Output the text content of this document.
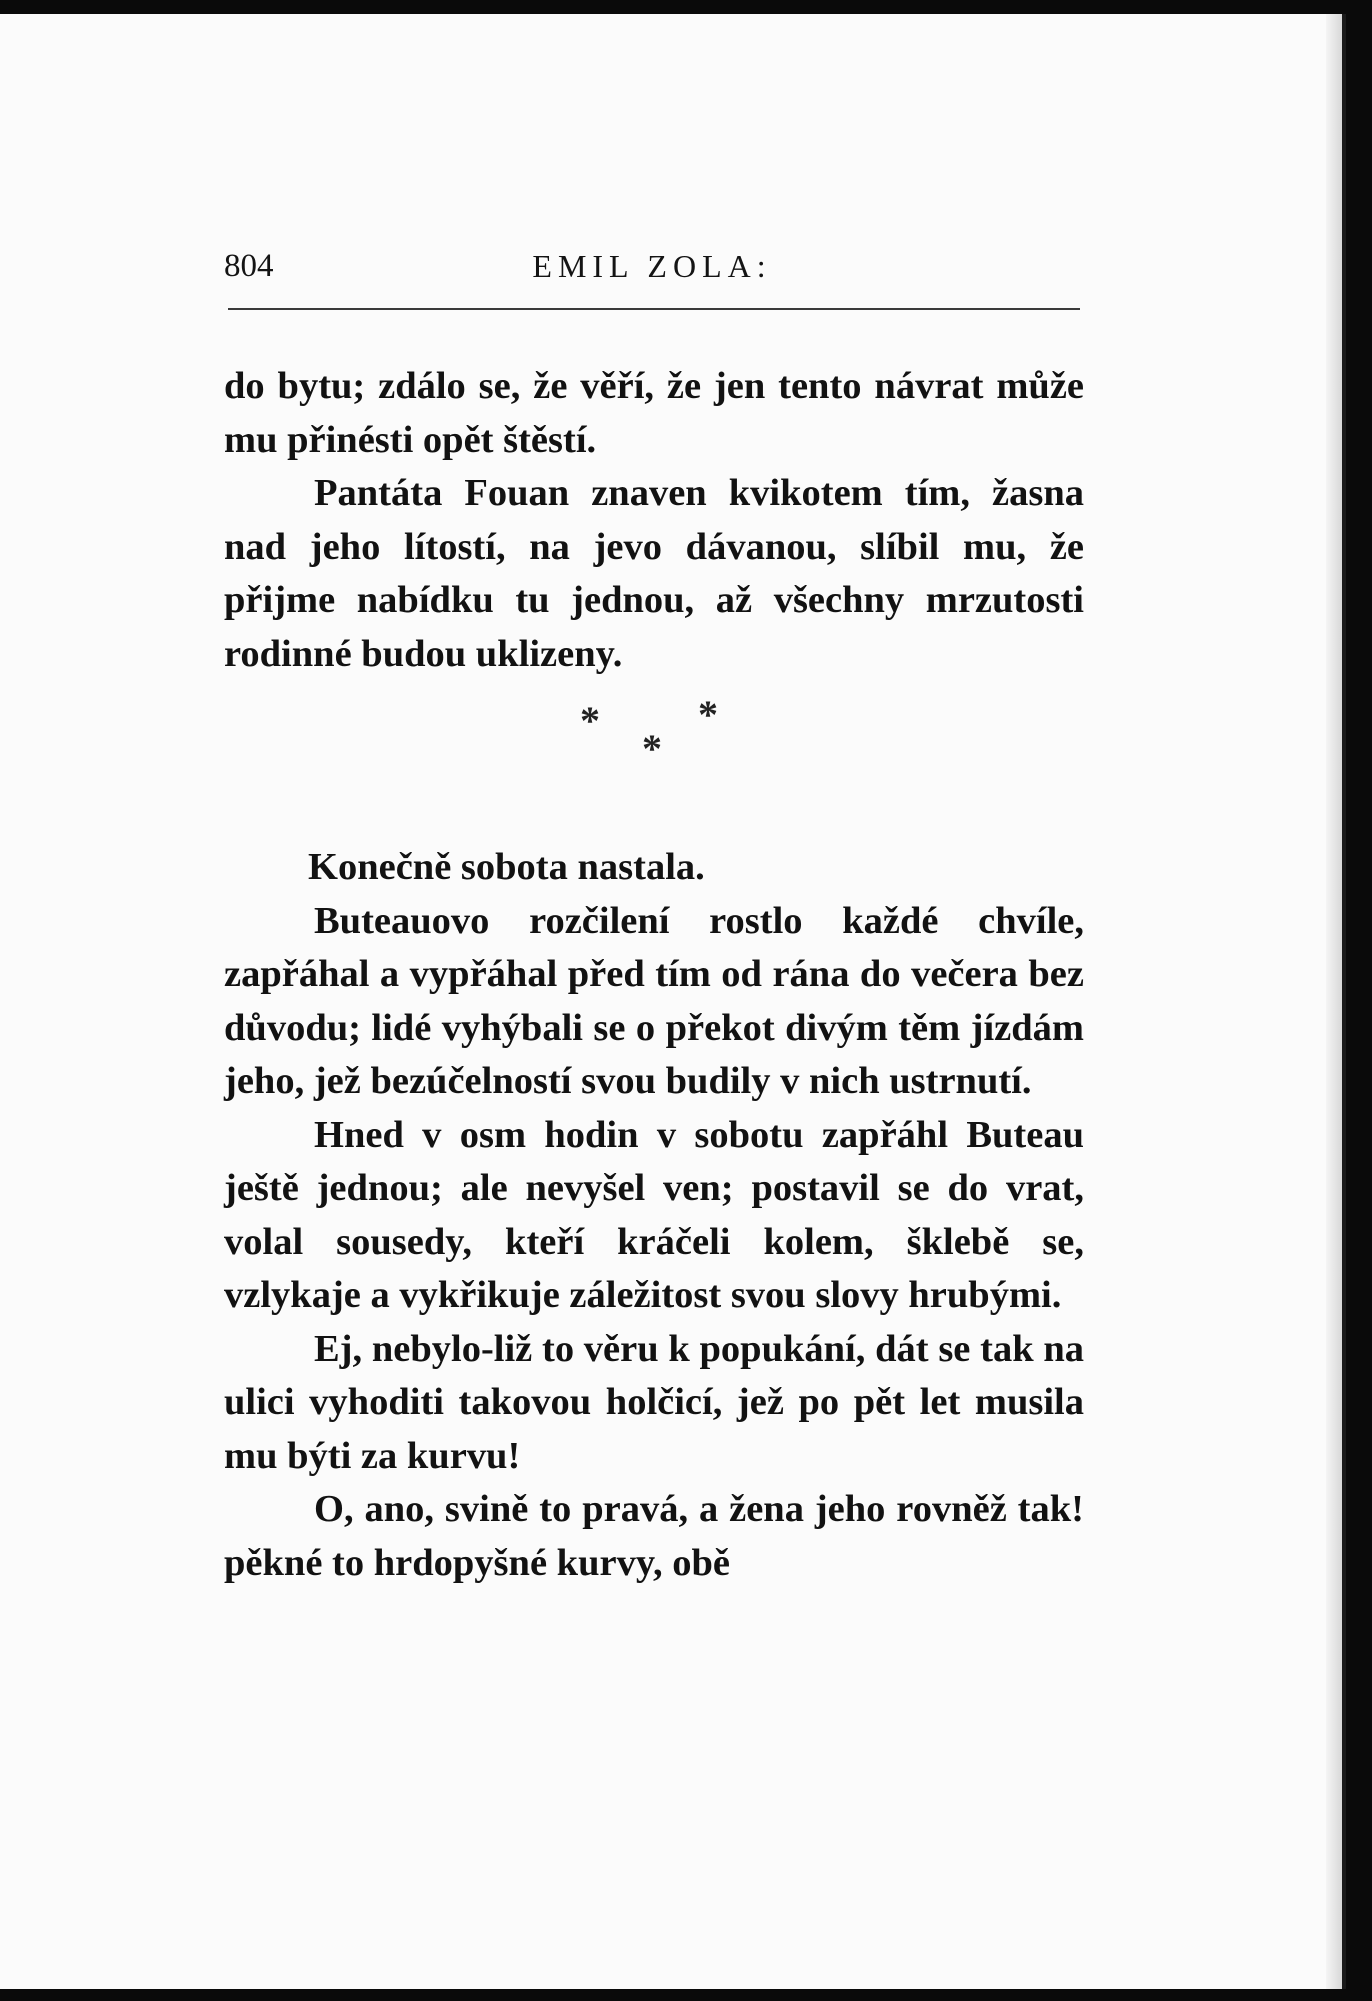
804	EMIL ZOLA:

do bytu; zdálo se, že věří, že jen tento návrat může mu přinésti opět štěstí.

Pantáta Fouan znaven kvikotem tím, žasna nad jeho lítostí, na jevo dávanou, slíbil mu, že přijme nabídku tu jednou, až všechny mrzutosti rodinné budou uklizeny.

* *
*

Konečně sobota nastala.

Buteauovo rozčilení rostlo každé chvíle, zapřáhal a vypřáhal před tím od rána do večera bez důvodu; lidé vyhýbali se o překot divým těm jízdám jeho, jež bezúčelností svou budily v nich ustrnutí.

Hned v osm hodin v sobotu zapřáhl Buteau ještě jednou; ale nevyšel ven; postavil se do vrat, volal sousedy, kteří kráčeli kolem, šklebě se, vzlykaje a vykřikuje záležitost svou slovy hrubými.

Ej, nebylo-liž to věru k popukání, dát se tak na ulici vyhoditi takovou holčicí, jež po pět let musila mu býti za kurvu!

O, ano, svině to pravá, a žena jeho rovněž tak! pěkné to hrdopyšné kurvy, obě
